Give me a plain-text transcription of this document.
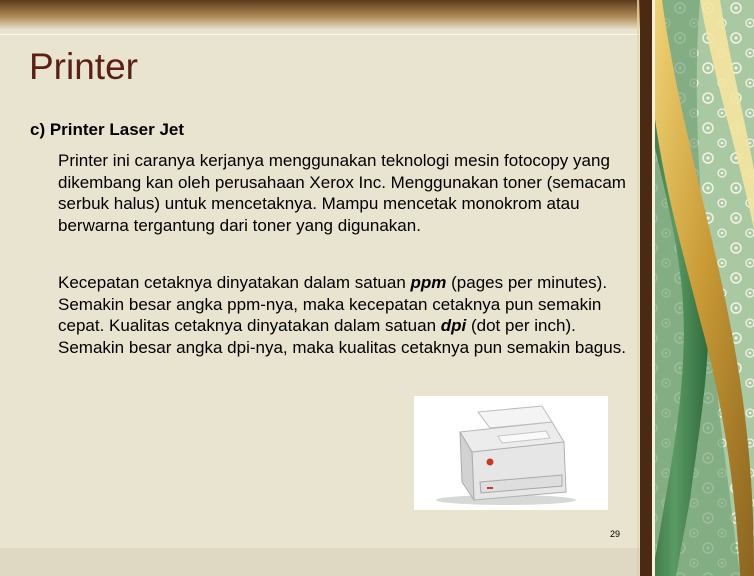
Printer
c) Printer Laser Jet

Printer ini caranya kerjanya menggunakan teknologi mesin fotocopy yang dikembang kan oleh perusahaan Xerox Inc. Menggunakan toner (semacam serbuk halus) untuk mencetaknya. Mampu mencetak monokrom atau berwarna tergantung dari toner yang digunakan.

Kecepatan cetaknya dinyatakan dalam satuan ppm (pages per minutes). Semakin besar angka ppm-nya, maka kecepatan cetaknya pun semakin cepat. Kualitas cetaknya dinyatakan dalam satuan dpi (dot per inch). Semakin besar angka dpi-nya, maka kualitas cetaknya pun semakin bagus.

29
